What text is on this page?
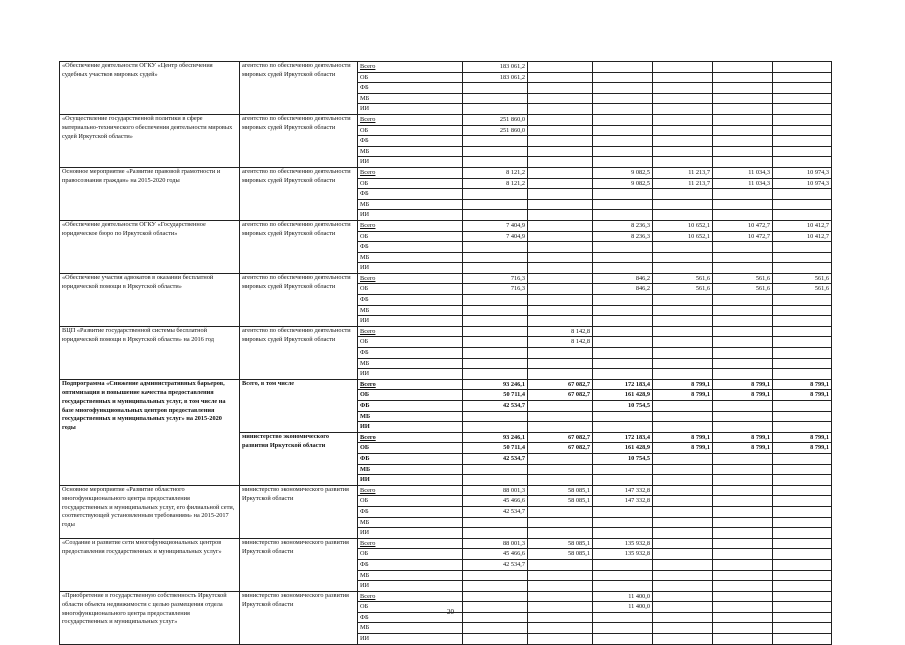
«Обеспечение деятельности ОГКУ «Центр обеспечения судебных участков мировых судей»	агентство по обеспечению деятельности мировых судей Иркутской области	Всего	183 061,2					
		ОБ	183 061,2					
		ФБ						
		МБ						
		ИИ						
«Осуществление государственной политики в сфере материально-технического обеспечения деятельности мировых судей Иркутской области»	агентство по обеспечению деятельности мировых судей Иркутской области	Всего	251 860,0					
		ОБ	251 860,0					
		ФБ						
		МБ						
		ИИ						
Основное мероприятие «Развитие правовой грамотности и правосознания граждан» на 2015-2020 годы	агентство по обеспечению деятельности мировых судей Иркутской области	Всего	8 121,2		9 082,5	11 213,7	11 034,3	10 974,3
		ОБ	8 121,2		9 082,5	11 213,7	11 034,3	10 974,3
		ФБ						
		МБ						
		ИИ						
«Обеспечение деятельности ОГКУ «Государственное юридическое бюро по Иркутской области»	агентство по обеспечению деятельности мировых судей Иркутской области	Всего	7 404,9		8 236,3	10 652,1	10 472,7	10 412,7
		ОБ	7 404,9		8 236,3	10 652,1	10 472,7	10 412,7
		ФБ						
		МБ						
		ИИ						
«Обеспечение участия адвокатов в оказании бесплатной юридической помощи в Иркутской области»	агентство по обеспечению деятельности мировых судей Иркутской области	Всего	716,3		846,2	561,6	561,6	561,6
		ОБ	716,3		846,2	561,6	561,6	561,6
		ФБ						
		МБ						
		ИИ						
ВЦП «Развитие государственной системы бесплатной юридической помощи в Иркутской области» на 2016 год	агентство по обеспечению деятельности мировых судей Иркутской области	Всего		8 142,8				
		ОБ		8 142,8				
		ФБ						
		МБ						
		ИИ						
Подпрограмма «Снижение административных барьеров, оптимизация и повышение качества предоставления государственных и муниципальных услуг, в том числе на базе многофункциональных центров предоставления государственных и муниципальных услуг» на 2015-2020 годы	Всего, в том числе	Всего	93 246,1	67 082,7	172 183,4	8 799,1	8 799,1	8 799,1
		ОБ	50 711,4	67 082,7	161 428,9	8 799,1	8 799,1	8 799,1
		ФБ	42 534,7		10 754,5			
		МБ						
		ИИ						
	министерство экономического развития Иркутской области	Всего	93 246,1	67 082,7	172 183,4	8 799,1	8 799,1	8 799,1
		ОБ	50 711,4	67 082,7	161 428,9	8 799,1	8 799,1	8 799,1
		ФБ	42 534,7		10 754,5			
		МБ						
		ИИ						
Основное мероприятие «Развитие областного многофункционального центра предоставления государственных и муниципальных услуг, его филиальной сети, соответствующей установленным требованиям» на 2015-2017 годы	министерство экономического развития Иркутской области	Всего	88 001,3	58 085,1	147 332,8			
		ОБ	45 466,6	58 085,1	147 332,8			
		ФБ	42 534,7					
		МБ						
		ИИ						
«Создание и развитие сети многофункциональных центров предоставления государственных и муниципальных услуг»	министерство экономического развития Иркутской области	Всего	88 001,3	58 085,1	135 932,8			
		ОБ	45 466,6	58 085,1	135 932,8			
		ФБ	42 534,7					
		МБ						
		ИИ						
«Приобретение в государственную собственность Иркутской области объекта недвижимости с целью размещения отдела многофункционального центра предоставления государственных и муниципальных услуг»	министерство экономического развития Иркутской области	Всего			11 400,0			
		ОБ			11 400,0			
		ФБ						
		МБ						
		ИИ						
20
